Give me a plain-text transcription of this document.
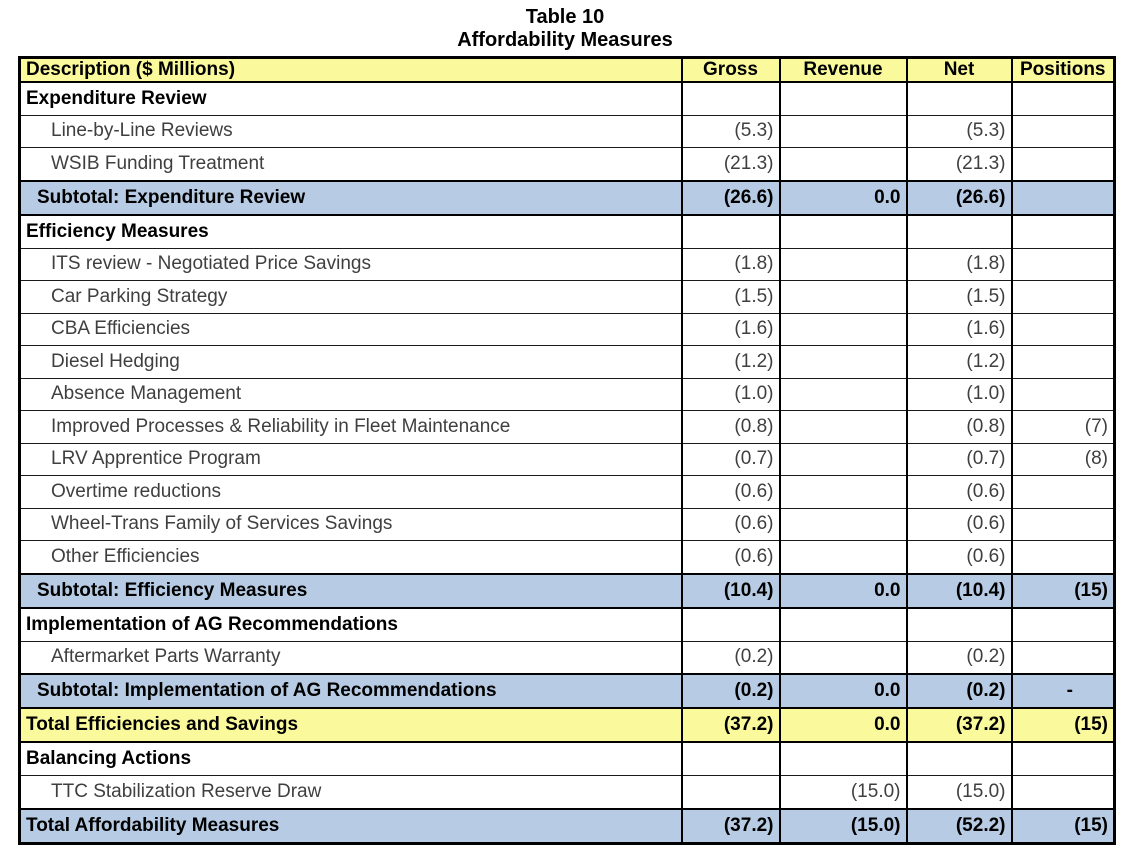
Table 10
Affordability Measures
Description ($ Millions)	Gross	Revenue	Net	Positions
Expenditure Review				
Line-by-Line Reviews	(5.3)		(5.3)	
WSIB Funding Treatment	(21.3)		(21.3)	
Subtotal: Expenditure Review	(26.6)	0.0	(26.6)	
Efficiency Measures				
ITS review - Negotiated Price Savings	(1.8)		(1.8)	
Car Parking Strategy	(1.5)		(1.5)	
CBA Efficiencies	(1.6)		(1.6)	
Diesel Hedging	(1.2)		(1.2)	
Absence Management	(1.0)		(1.0)	
Improved Processes & Reliability in Fleet Maintenance	(0.8)		(0.8)	(7)
LRV Apprentice Program	(0.7)		(0.7)	(8)
Overtime reductions	(0.6)		(0.6)	
Wheel-Trans Family of Services Savings	(0.6)		(0.6)	
Other Efficiencies	(0.6)		(0.6)	
Subtotal: Efficiency Measures	(10.4)	0.0	(10.4)	(15)
Implementation of AG Recommendations				
Aftermarket Parts Warranty	(0.2)		(0.2)	
Subtotal: Implementation of AG Recommendations	(0.2)	0.0	(0.2)	-
Total Efficiencies and Savings	(37.2)	0.0	(37.2)	(15)
Balancing Actions				
TTC Stabilization Reserve Draw		(15.0)	(15.0)	
Total Affordability Measures	(37.2)	(15.0)	(52.2)	(15)
